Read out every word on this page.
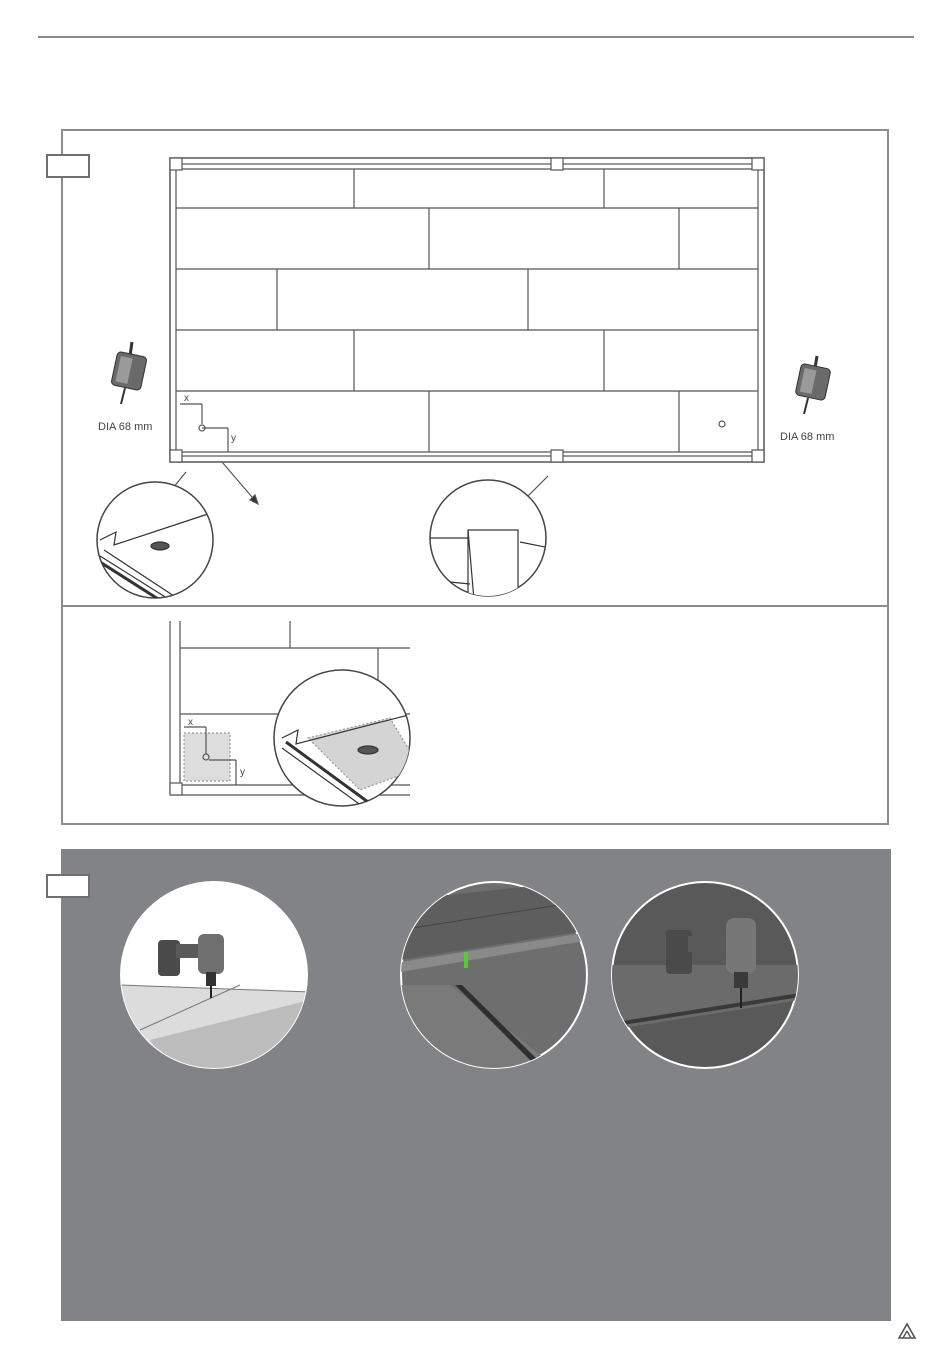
x
y
DIA 68 mm
DIA 68 mm
x
y
